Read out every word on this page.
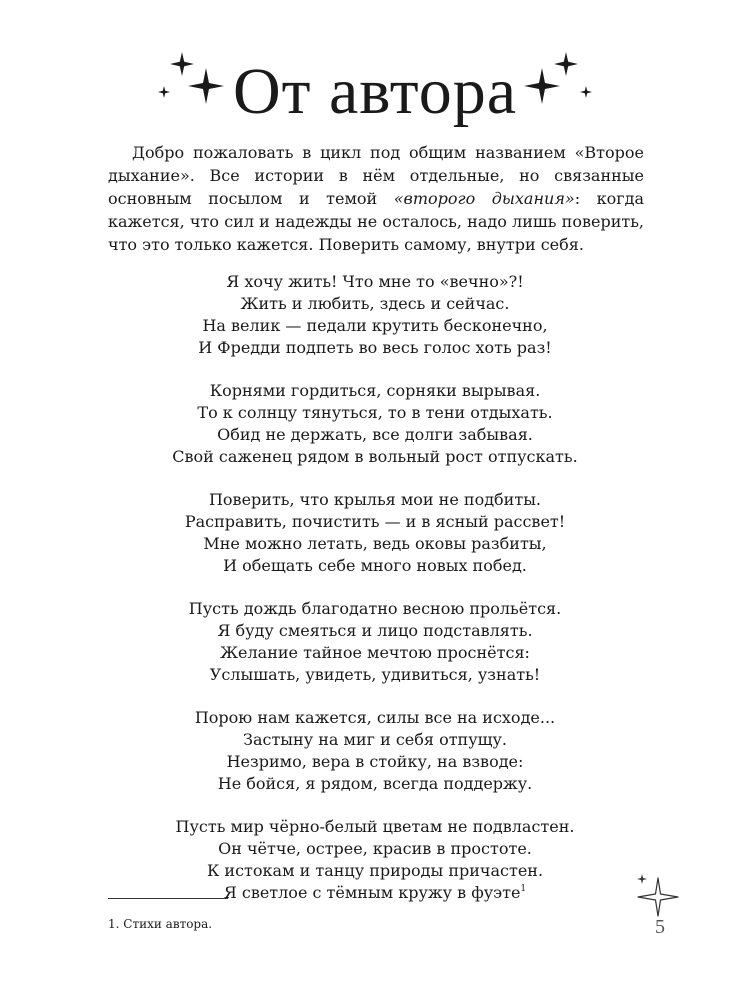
От автора

Добро пожаловать в цикл под общим названием «Второе дыхание». Все истории в нём отдельные, но связанные основным посылом и темой «второго дыхания»: когда кажется, что сил и надежды не осталось, надо лишь поверить, что это только кажется. Поверить самому, внутри себя.

Я хочу жить! Что мне то «вечно»?!
Жить и любить, здесь и сейчас.
На велик — педали крутить бесконечно,
И Фредди подпеть во весь голос хоть раз!

Корнями гордиться, сорняки вырывая.
То к солнцу тянуться, то в тени отдыхать.
Обид не держать, все долги забывая.
Свой саженец рядом в вольный рост отпускать.

Поверить, что крылья мои не подбиты.
Расправить, почистить — и в ясный рассвет!
Мне можно летать, ведь оковы разбиты,
И обещать себе много новых побед.

Пусть дождь благодатно весною прольётся.
Я буду смеяться и лицо подставлять.
Желание тайное мечтою проснётся:
Услышать, увидеть, удивиться, узнать!

Порою нам кажется, силы все на исходе...
Застыну на миг и себя отпущу.
Незримо, вера в стойку, на взводе:
Не бойся, я рядом, всегда поддержу.

Пусть мир чёрно-белый цветам не подвластен.
Он чётче, острее, красив в простоте.
К истокам и танцу природы причастен.
Я светлое с тёмным кружу в фуэте$^1$

1. Стихи автора.	5
